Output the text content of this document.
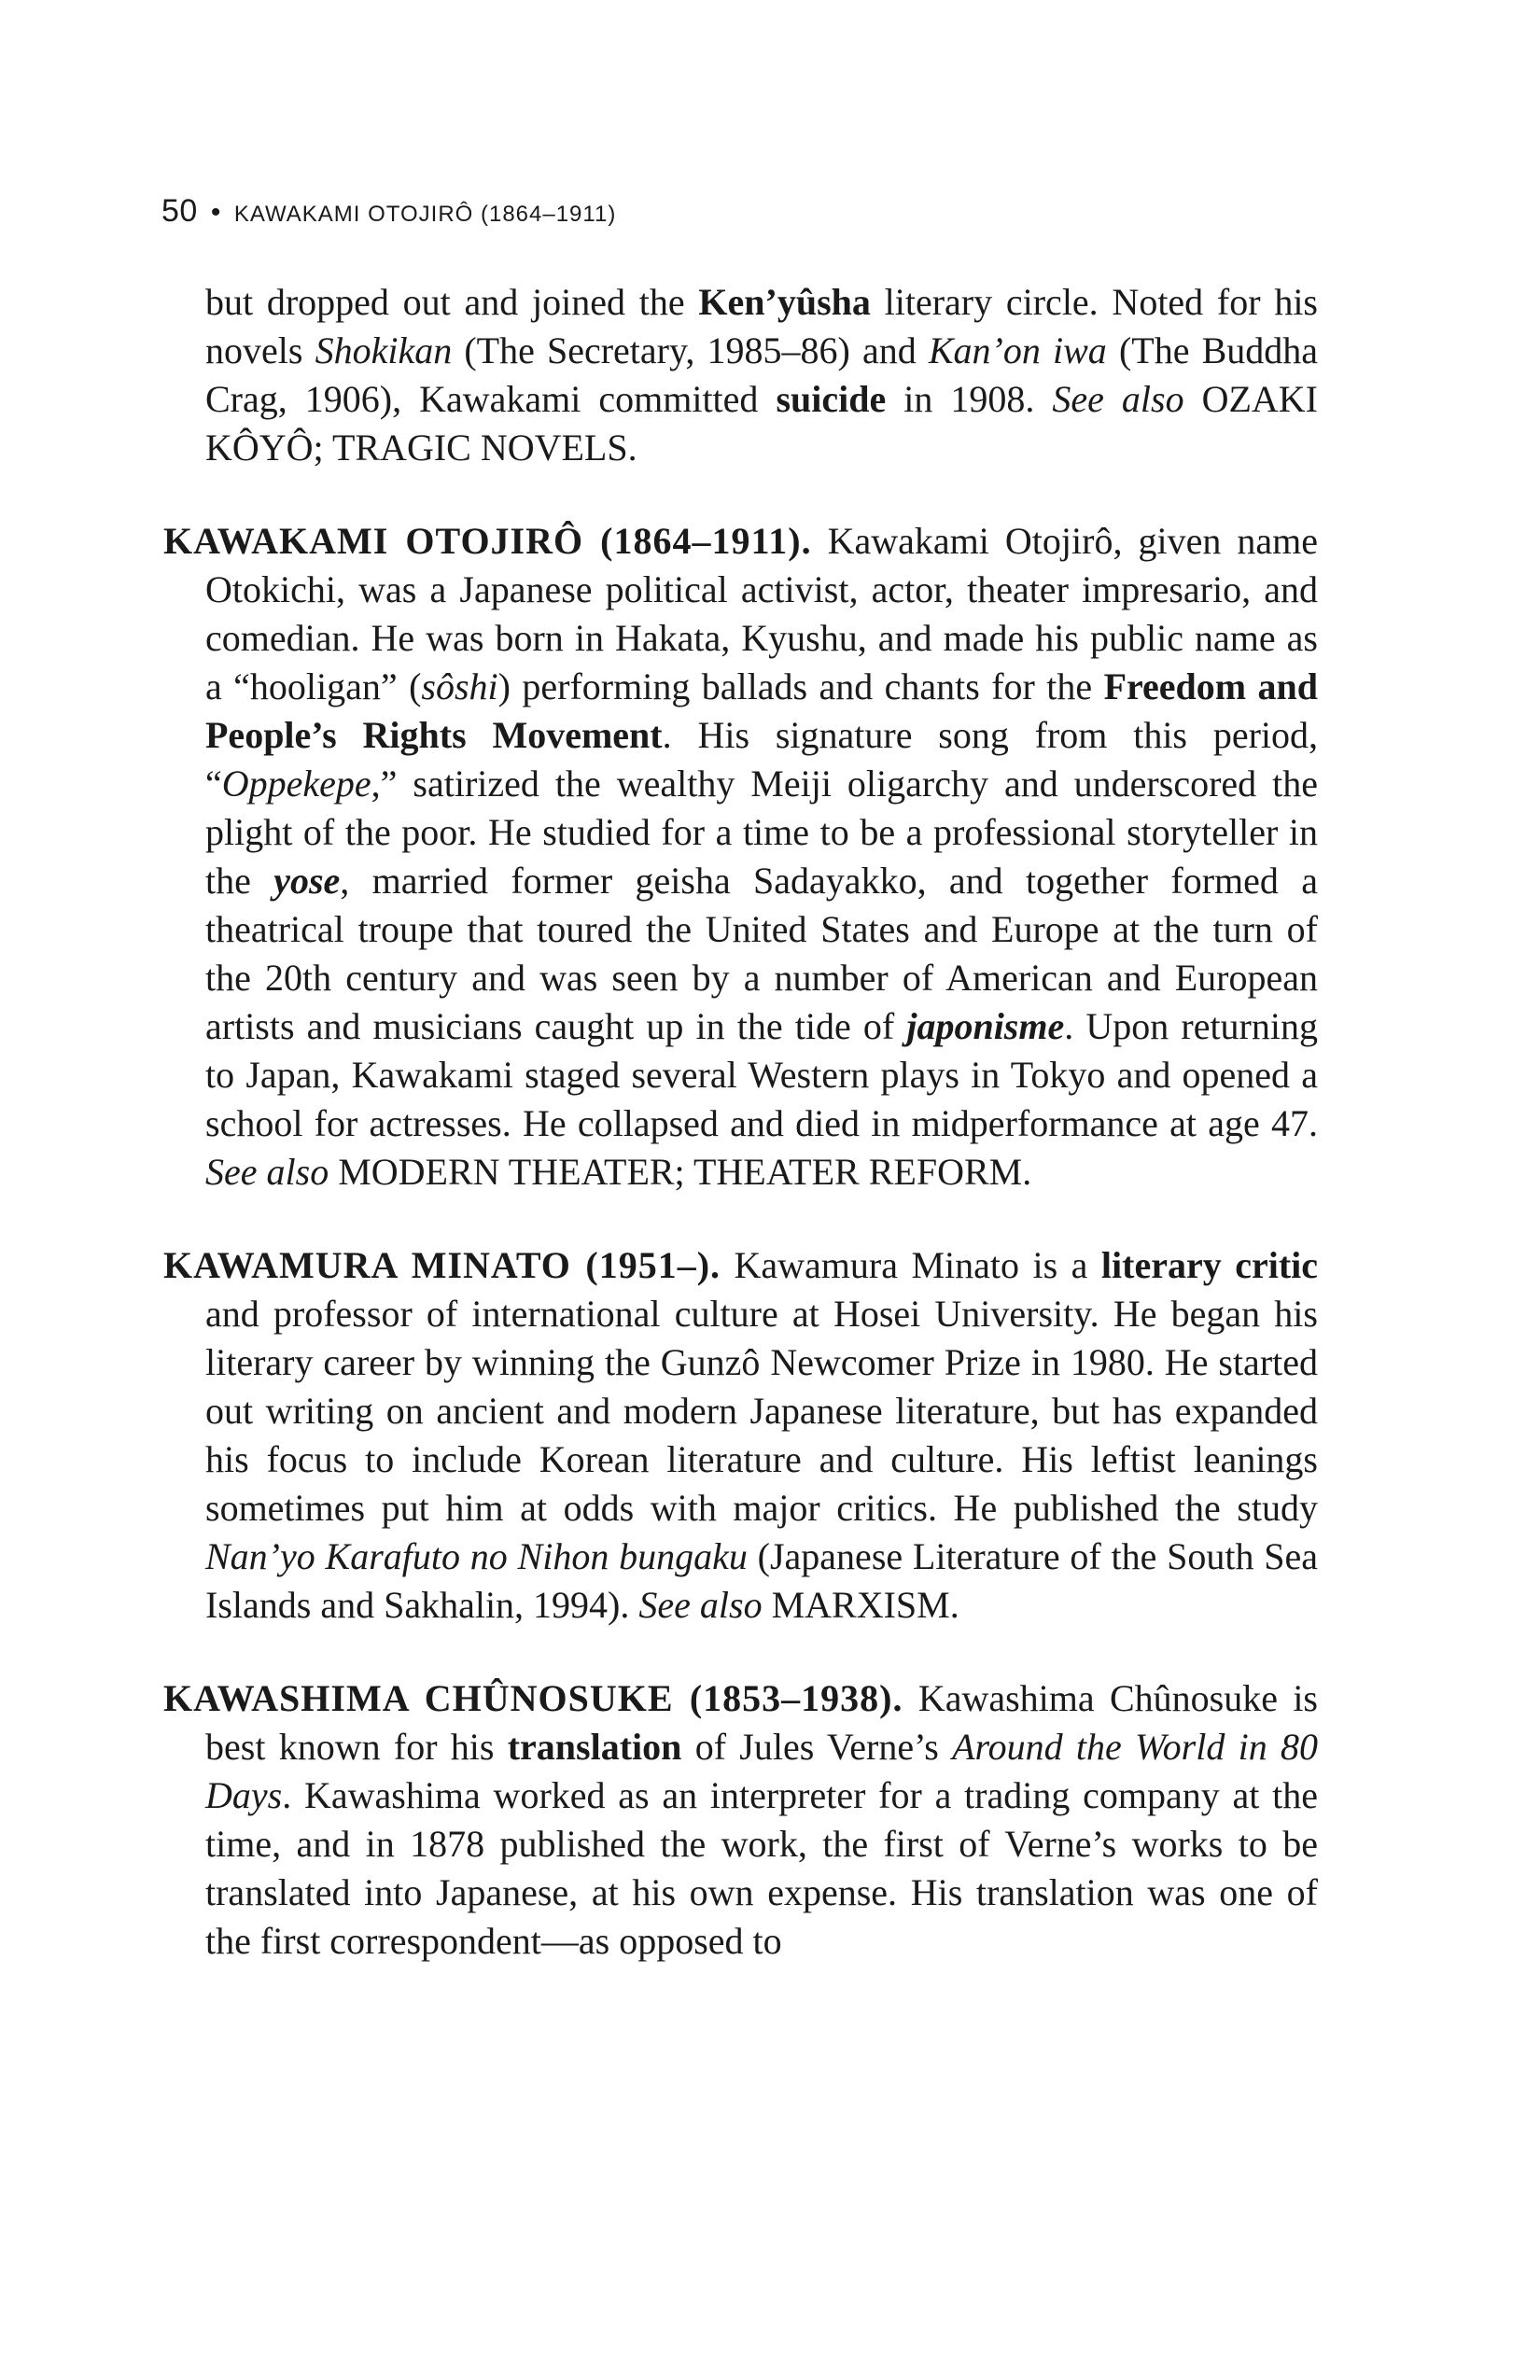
50 • KAWAKAMI OTOJIRÔ (1864–1911)

but dropped out and joined the Ken’yûsha literary circle. Noted for his novels Shokikan (The Secretary, 1985–86) and Kan’on iwa (The Buddha Crag, 1906), Kawakami committed suicide in 1908. See also OZAKI KÔYÔ; TRAGIC NOVELS.

KAWAKAMI OTOJIRÔ (1864–1911). Kawakami Otojirô, given name Otokichi, was a Japanese political activist, actor, theater impresario, and comedian. He was born in Hakata, Kyushu, and made his public name as a “hooligan” (sôshi) performing ballads and chants for the Freedom and People’s Rights Movement. His signature song from this period, “Oppekepe,” satirized the wealthy Meiji oligarchy and underscored the plight of the poor. He studied for a time to be a professional storyteller in the yose, married former geisha Sadayakko, and together formed a theatrical troupe that toured the United States and Europe at the turn of the 20th century and was seen by a number of American and European artists and musicians caught up in the tide of japonisme. Upon returning to Japan, Kawakami staged several Western plays in Tokyo and opened a school for actresses. He collapsed and died in midperformance at age 47. See also MODERN THEATER; THEATER REFORM.

KAWAMURA MINATO (1951–). Kawamura Minato is a literary critic and professor of international culture at Hosei University. He began his literary career by winning the Gunzô Newcomer Prize in 1980. He started out writing on ancient and modern Japanese literature, but has expanded his focus to include Korean literature and culture. His leftist leanings sometimes put him at odds with major critics. He published the study Nan’yo Karafuto no Nihon bungaku (Japanese Literature of the South Sea Islands and Sakhalin, 1994). See also MARXISM.

KAWASHIMA CHÛNOSUKE (1853–1938). Kawashima Chûnosuke is best known for his translation of Jules Verne’s Around the World in 80 Days. Kawashima worked as an interpreter for a trading company at the time, and in 1878 published the work, the first of Verne’s works to be translated into Japanese, at his own expense. His translation was one of the first correspondent—as opposed to
